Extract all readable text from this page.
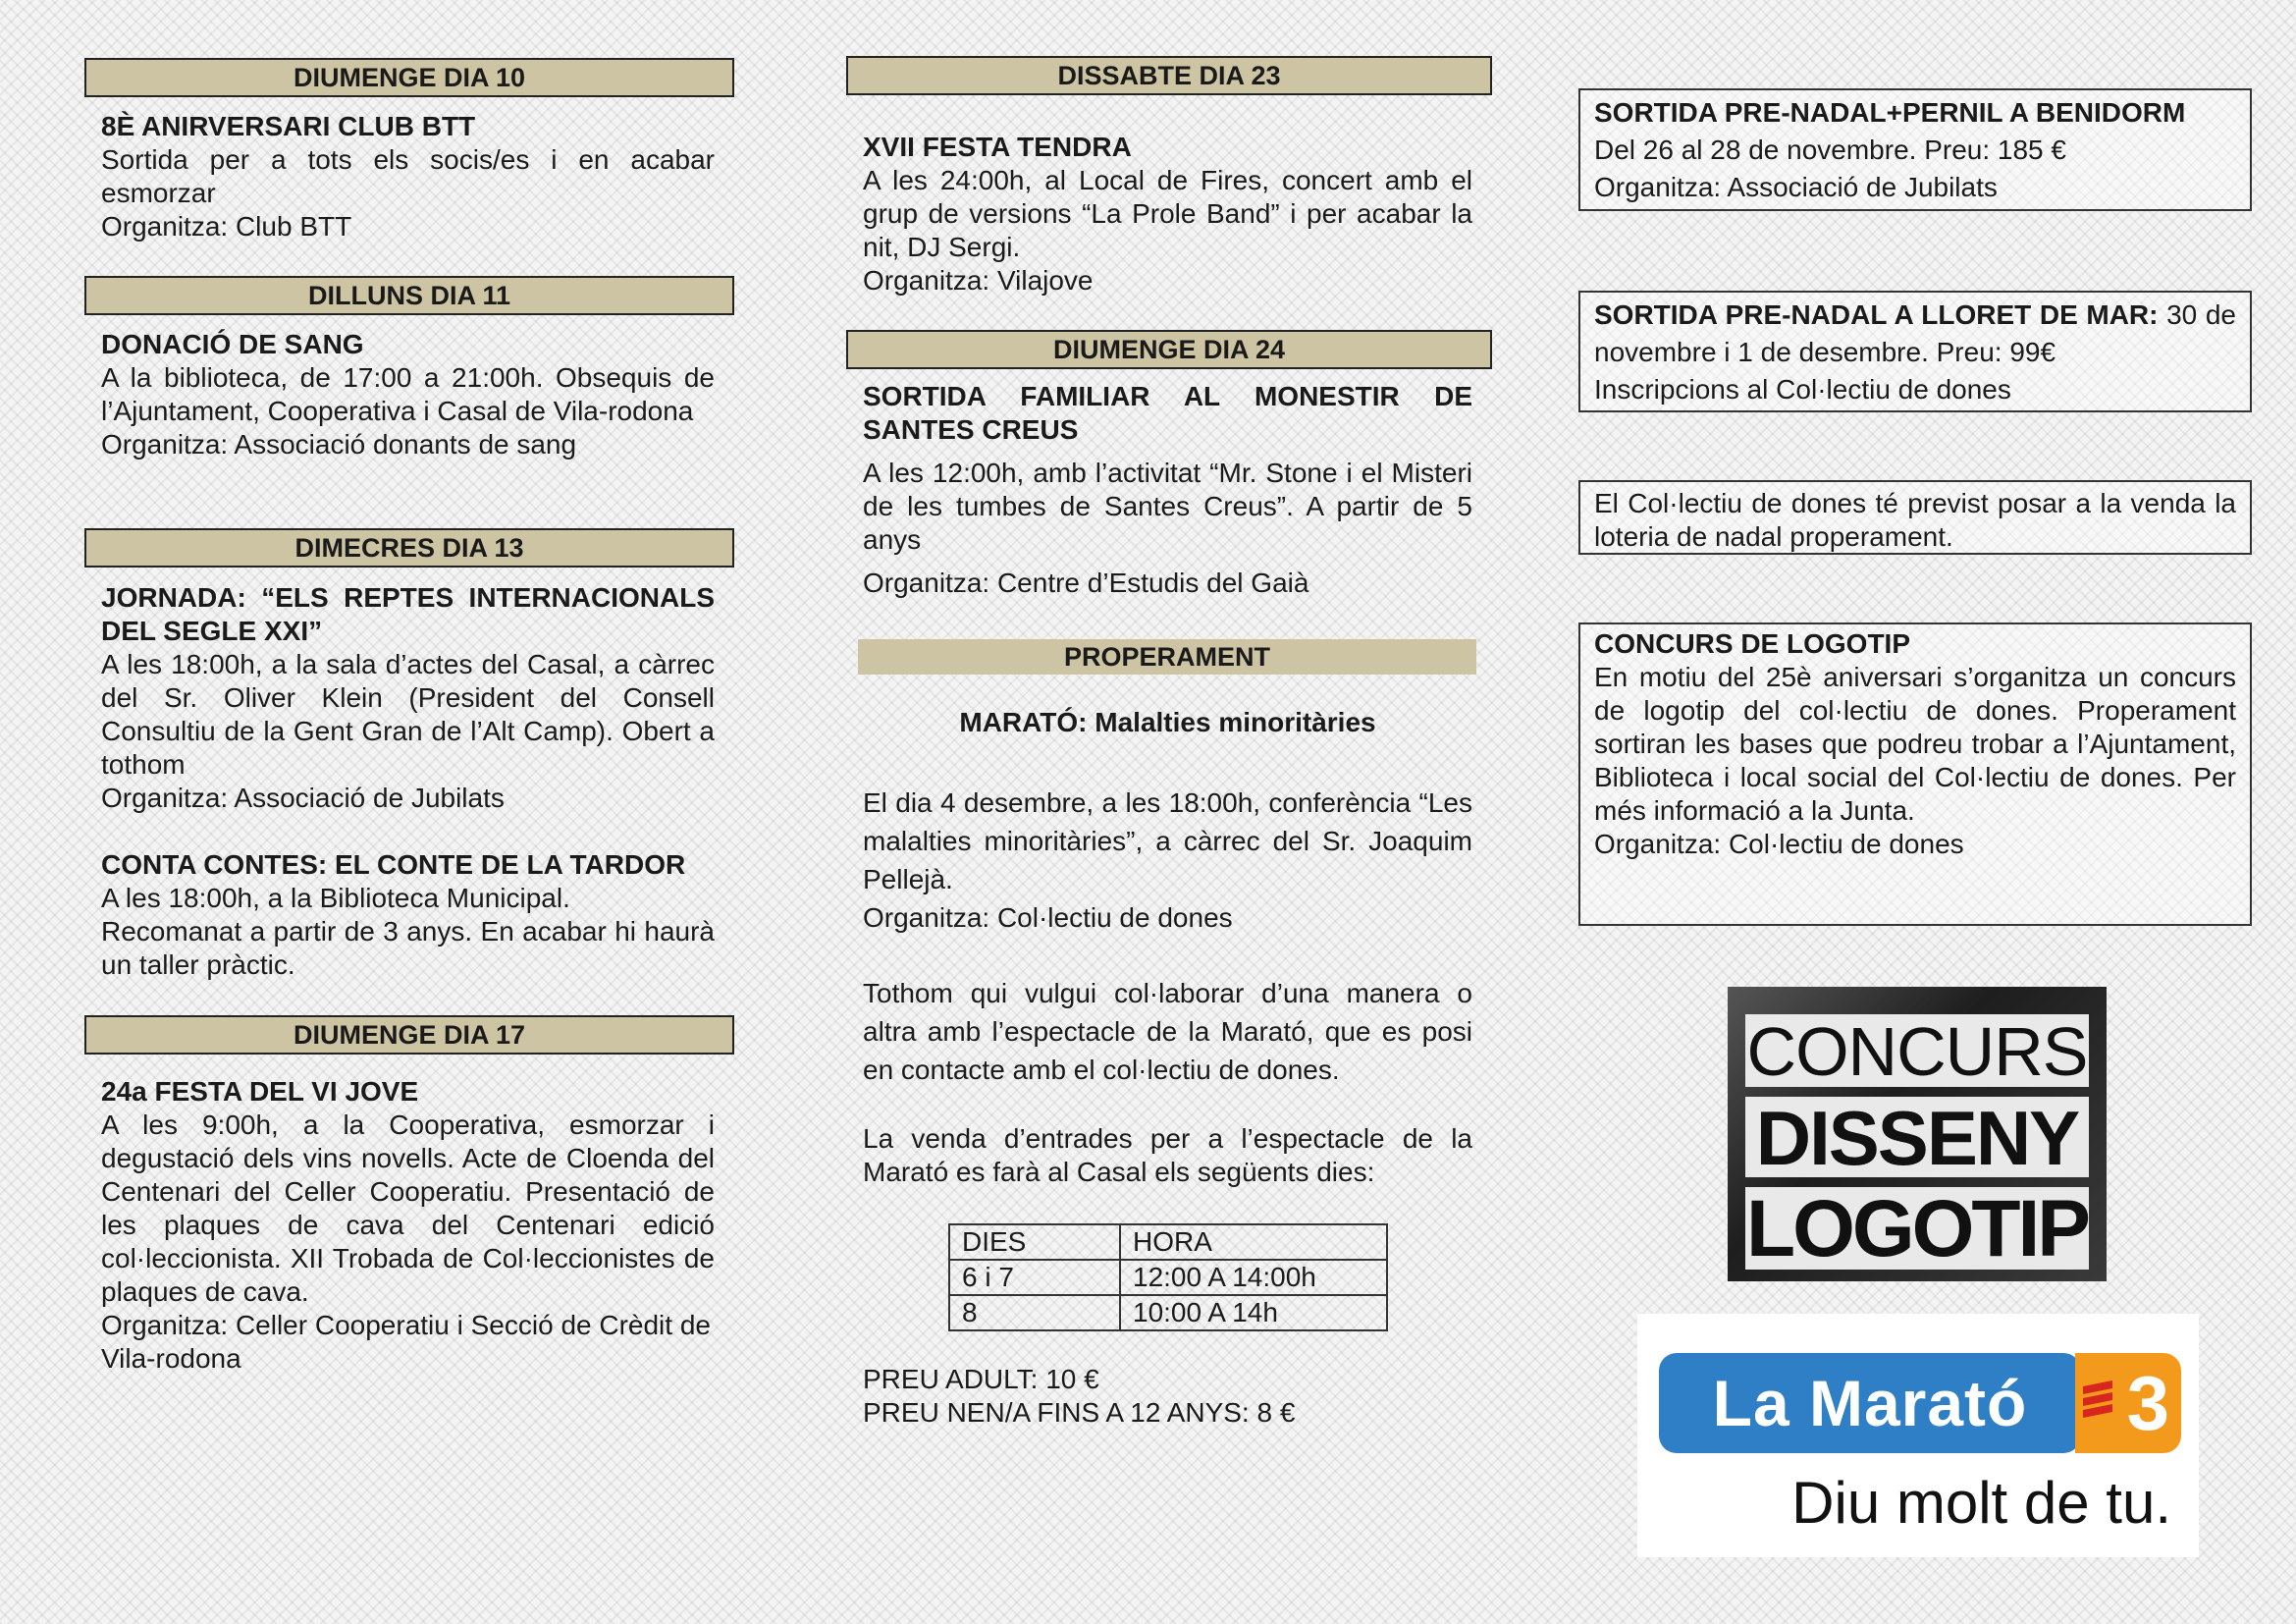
DIUMENGE DIA 10
8È ANIRVERSARI CLUB BTT
Sortida per a tots els socis/es i en acabar esmorzar
Organitza: Club BTT
DILLUNS DIA 11
DONACIÓ DE SANG
A la biblioteca, de 17:00 a 21:00h. Obsequis de l’Ajuntament, Cooperativa i Casal de Vila-rodona
Organitza: Associació donants de sang
DIMECRES DIA 13
JORNADA: “ELS REPTES INTERNACIONALS DEL SEGLE XXI”
A les 18:00h, a la sala d’actes del Casal, a càrrec del Sr. Oliver Klein (President del Consell Consultiu de la Gent Gran de l’Alt Camp). Obert a tothom
Organitza: Associació de Jubilats
CONTA CONTES: EL CONTE DE LA TARDOR
A les 18:00h, a la Biblioteca Municipal.
Recomanat a partir de 3 anys. En acabar hi haurà un taller pràctic.
DIUMENGE DIA 17
24a FESTA DEL VI JOVE
A les 9:00h, a la Cooperativa, esmorzar i degustació dels vins novells. Acte de Cloenda del Centenari del Celler Cooperatiu. Presentació de les plaques de cava del Centenari edició col·leccionista. XII Trobada de Col·leccionistes de plaques de cava.
Organitza: Celler Cooperatiu i Secció de Crèdit de Vila-rodona
DISSABTE DIA 23
XVII FESTA TENDRA
A les 24:00h, al Local de Fires, concert amb el grup de versions “La Prole Band” i per acabar la nit, DJ Sergi.
Organitza: Vilajove
DIUMENGE DIA 24
SORTIDA FAMILIAR AL MONESTIR DE SANTES CREUS
A les 12:00h, amb l’activitat “Mr. Stone i el Misteri de les tumbes de Santes Creus”. A partir de 5 anys
Organitza: Centre d’Estudis del Gaià
PROPERAMENT
MARATÓ: Malalties minoritàries
El dia 4 desembre, a les 18:00h, conferència “Les malalties minoritàries”, a càrrec del Sr. Joaquim Pellejà.
Organitza: Col·lectiu de dones
Tothom qui vulgui col·laborar d’una manera o altra amb l’espectacle de la Marató, que es posi en contacte amb el col·lectiu de dones.
La venda d’entrades per a l’espectacle de la Marató es farà al Casal els següents dies:
DIES	HORA
6 i 7	12:00 A 14:00h
8	10:00 A 14h
PREU ADULT: 10 €
PREU NEN/A FINS A 12 ANYS: 8 €
SORTIDA PRE-NADAL+PERNIL A BENIDORM
Del 26 al 28 de novembre. Preu: 185 €
Organitza: Associació de Jubilats
SORTIDA PRE-NADAL A LLORET DE MAR: 30 de novembre i 1 de desembre. Preu: 99€
Inscripcions al Col·lectiu de dones
El Col·lectiu de dones té previst posar a la venda la loteria de nadal properament.
CONCURS DE LOGOTIP
En motiu del 25è aniversari s’organitza un concurs de logotip del col·lectiu de dones. Properament sortiran les bases que podreu trobar a l’Ajuntament, Biblioteca i local social del Col·lectiu de dones. Per més informació a la Junta.
Organitza: Col·lectiu de dones
CONCURS
DISSENY
LOGOTIP
La Marató	3
Diu molt de tu.
